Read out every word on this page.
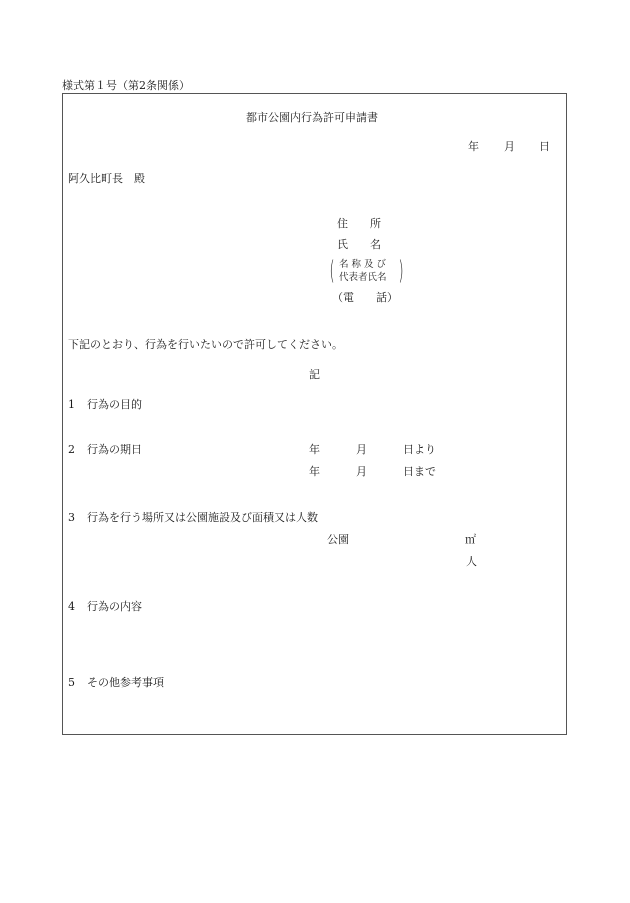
様式第１号（第2条関係）
都市公園内行為許可申請書
年 月 日
阿久比町長　殿
住　　所
氏　　名
( 名 称 及 び
代表者氏名 )
（電　　話）
下記のとおり、行為を行いたいので許可してください。
記
1 行為の目的
2 行為の期日	年	月	日より
年	月	日まで
3 行為を行う場所又は公園施設及び面積又は人数
公園	㎡
人
4 行為の内容
5 その他参考事項
